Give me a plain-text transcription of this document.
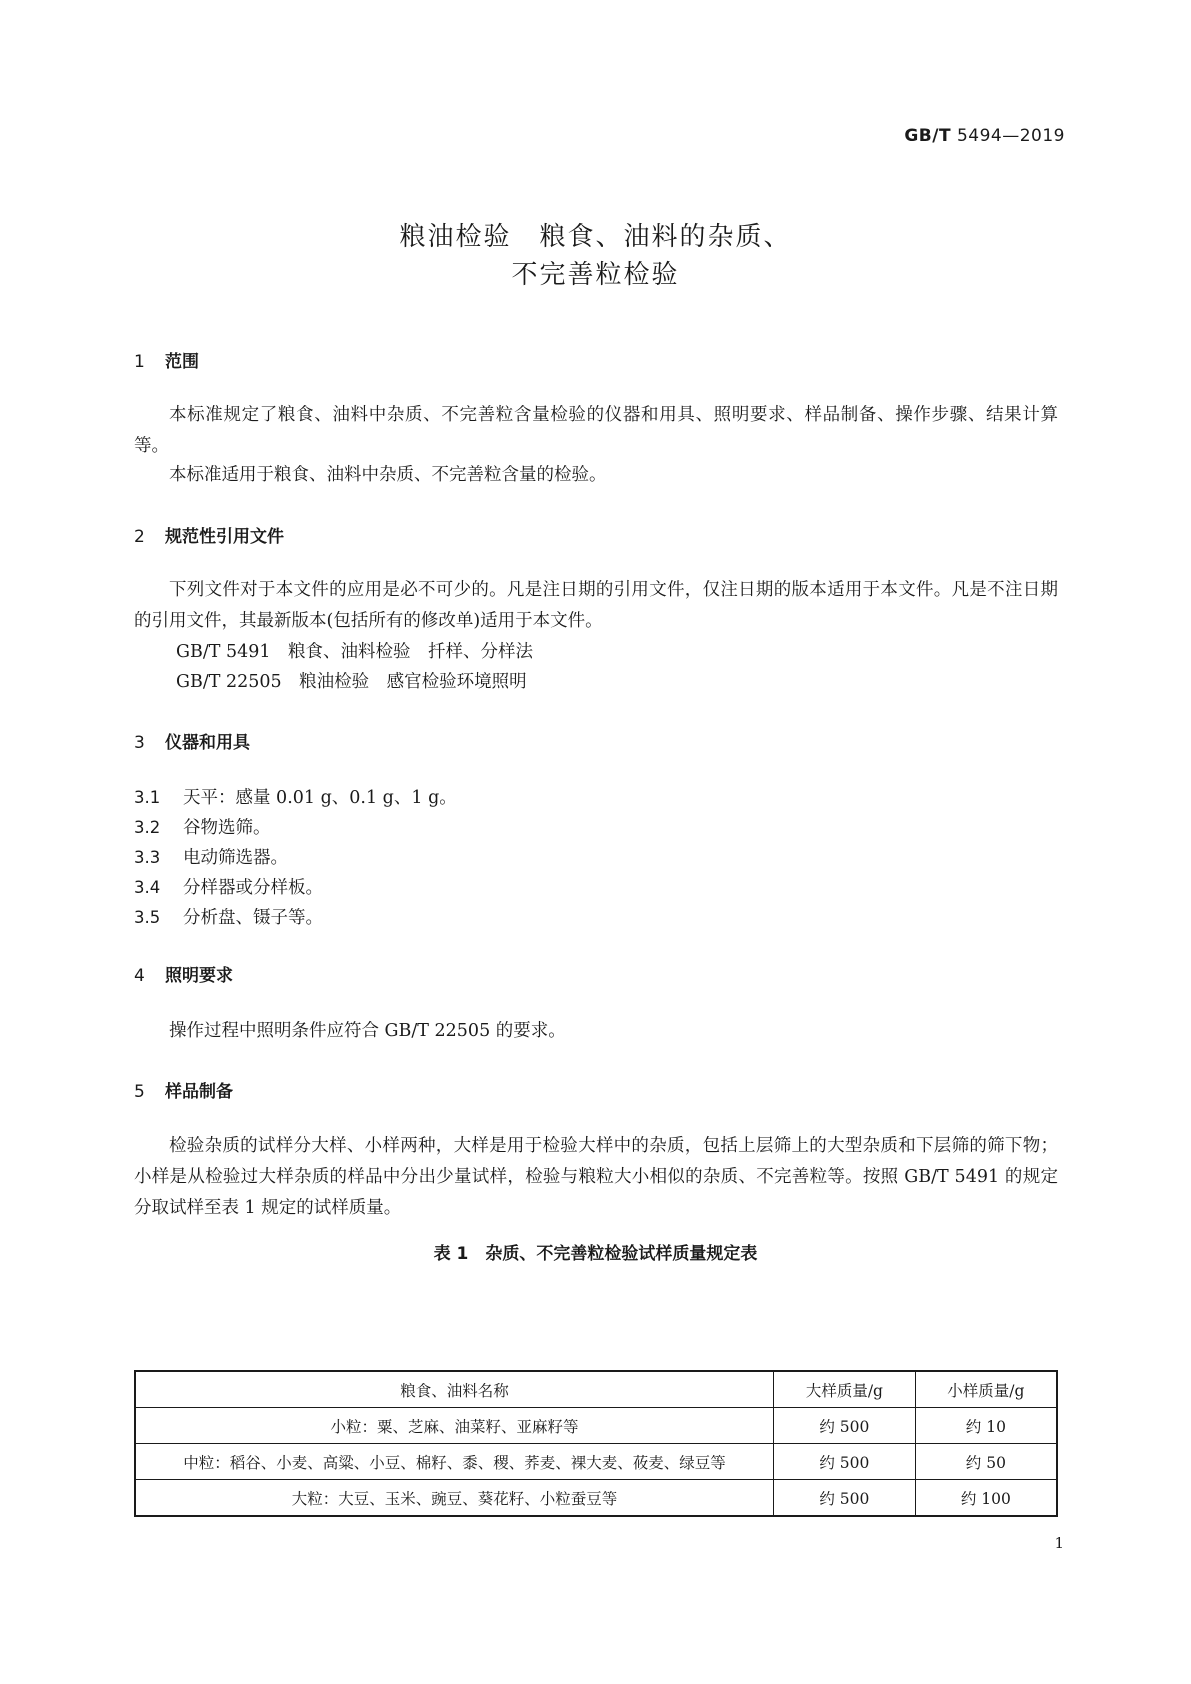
GB/T 5494—2019
粮油检验　粮食、油料的杂质、
不完善粒检验
1 范围

本标准规定了粮食、油料中杂质、不完善粒含量检验的仪器和用具、照明要求、样品制备、操作步骤、结果计算等。

本标准适用于粮食、油料中杂质、不完善粒含量的检验。

2 规范性引用文件

下列文件对于本文件的应用是必不可少的。凡是注日期的引用文件，仅注日期的版本适用于本文件。凡是不注日期的引用文件，其最新版本(包括所有的修改单)适用于本文件。

GB/T 5491　粮食、油料检验　扦样、分样法
GB/T 22505　粮油检验　感官检验环境照明
3 仪器和用具
3.1 天平：感量 0.01 g、0.1 g、1 g。
3.2 谷物选筛。
3.3 电动筛选器。
3.4 分样器或分样板。
3.5 分析盘、镊子等。
4 照明要求

操作过程中照明条件应符合 GB/T 22505 的要求。

5 样品制备

检验杂质的试样分大样、小样两种，大样是用于检验大样中的杂质，包括上层筛上的大型杂质和下层筛的筛下物；小样是从检验过大样杂质的样品中分出少量试样，检验与粮粒大小相似的杂质、不完善粒等。按照 GB/T 5491 的规定分取试样至表 1 规定的试样质量。

表 1　杂质、不完善粒检验试样质量规定表
粮食、油料名称	大样质量/g	小样质量/g
小粒：粟、芝麻、油菜籽、亚麻籽等	约 500	约 10
中粒：稻谷、小麦、高粱、小豆、棉籽、黍、稷、荞麦、裸大麦、莜麦、绿豆等	约 500	约 50
大粒：大豆、玉米、豌豆、葵花籽、小粒蚕豆等	约 500	约 100
1
